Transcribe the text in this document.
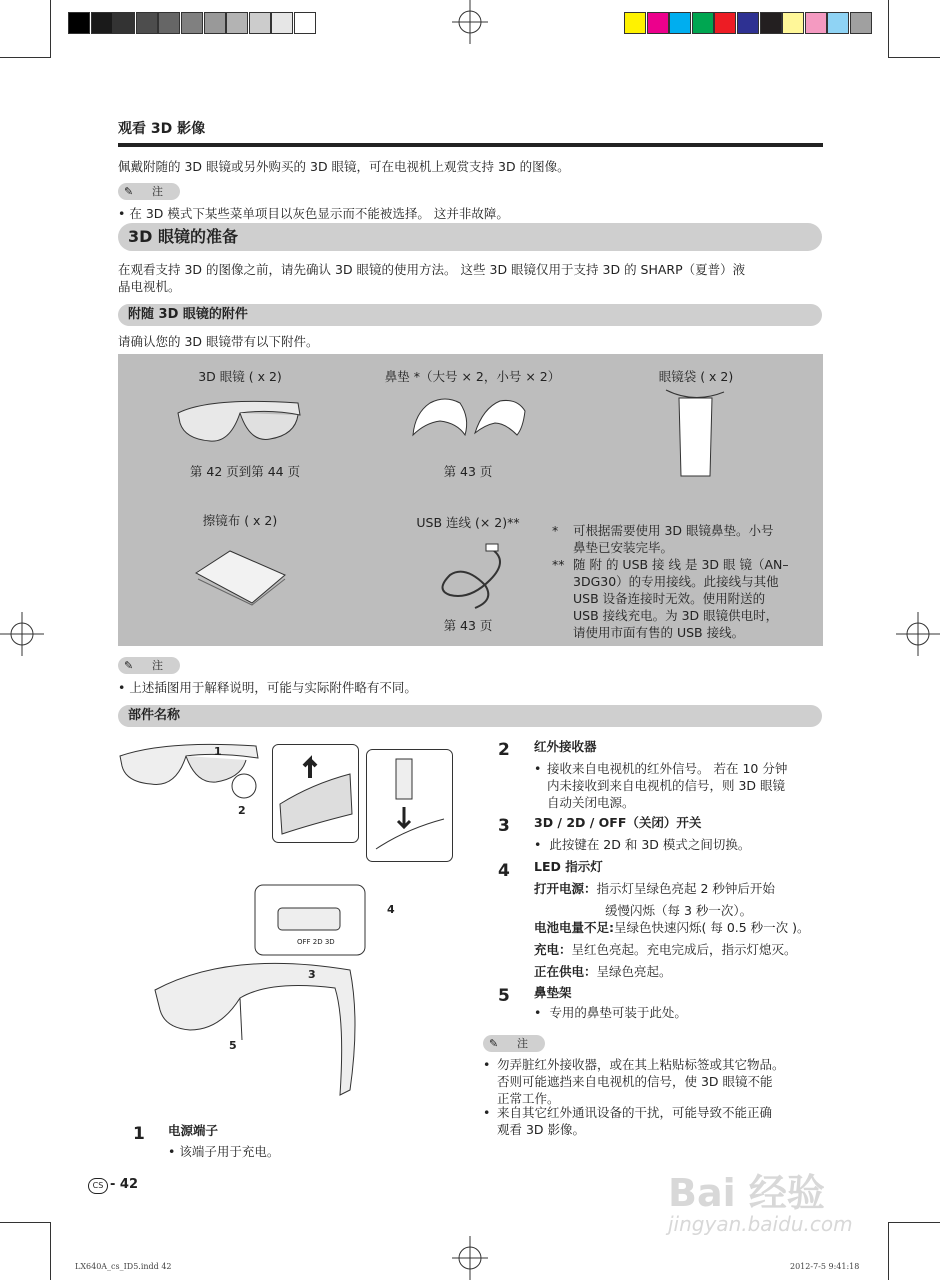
观看 3D 影像
佩戴附随的 3D 眼镜或另外购买的 3D 眼镜，可在电视机上观赏支持 3D 的图像。
✎ 注
• 在 3D 模式下某些菜单项目以灰色显示而不能被选择。 这并非故障。
3D 眼镜的准备
在观看支持 3D 的图像之前，请先确认 3D 眼镜的使用方法。 这些 3D 眼镜仅用于支持 3D 的 SHARP（夏普）液
晶电视机。
附随 3D 眼镜的附件
请确认您的 3D 眼镜带有以下附件。
3D 眼镜 ( x 2)
第 42 页到第 44 页
鼻垫 *（大号 × 2，小号 × 2）
第 43 页
眼镜袋 ( x 2)
擦镜布 ( x 2)	USB 连线 (× 2)**
第 43 页
* 可根据需要使用 3D 眼镜鼻垫。小号
鼻垫已安装完毕。
** 随 附 的 USB 接 线 是 3D 眼 镜（AN–
3DG30）的专用接线。此接线与其他
USB 设备连接时无效。使用附送的
USB 接线充电。为 3D 眼镜供电时，
请使用市面有售的 USB 接线。
✎ 注
• 上述插图用于解释说明，可能与实际附件略有不同。
部件名称
1
2
OFF 2D 3D
4
3
5
1 电源端子
• 该端子用于充电。
2 红外接收器
• 接收来自电视机的红外信号。 若在 10 分钟
内未接收到来自电视机的信号，则 3D 眼镜
自动关闭电源。
3 3D / 2D / OFF（关闭）开关
•  此按键在 2D 和 3D 模式之间切换。
4 LED 指示灯
打开电源：指示灯呈绿色亮起 2 秒钟后开始
缓慢闪烁（每 3 秒一次）。
电池电量不足:呈绿色快速闪烁( 每 0.5 秒一次 )。
充电：呈红色亮起。充电完成后，指示灯熄灭。
正在供电：呈绿色亮起。
5 鼻垫架
•  专用的鼻垫可装于此处。
✎ 注
• 勿弄脏红外接收器，或在其上粘贴标签或其它物品。
否则可能遮挡来自电视机的信号，使 3D 眼镜不能
正常工作。
• 来自其它红外通讯设备的干扰，可能导致不能正确
观看 3D 影像。
CS - 42	Bai 经验
jingyan.baidu.com
LX640A_cs_ID5.indd 42	2012-7-5 9:41:18
